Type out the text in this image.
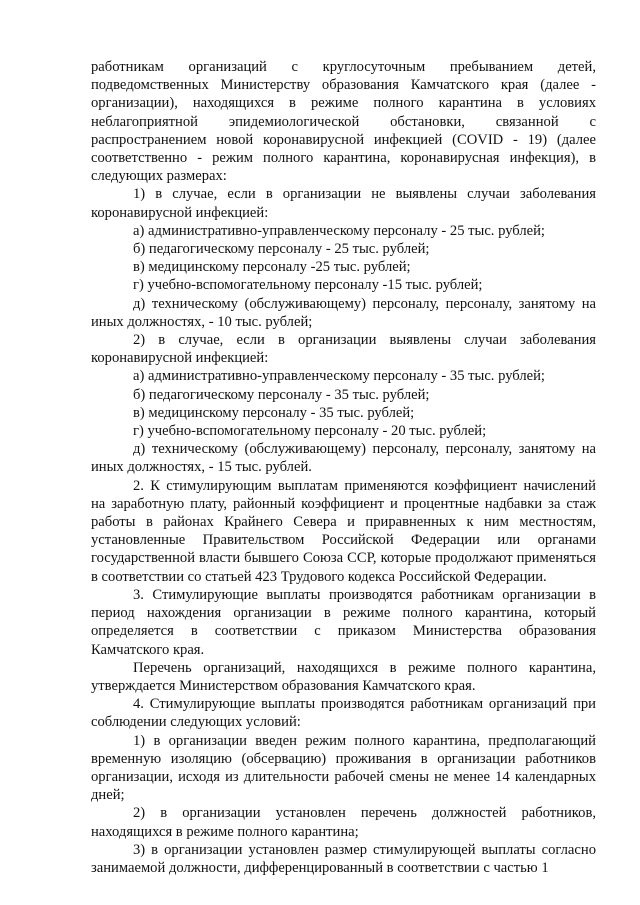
работникам организаций с круглосуточным пребыванием детей, подведомственных Министерству образования Камчатского края (далее - организации), находящихся в режиме полного карантина в условиях неблагоприятной эпидемиологической обстановки, связанной с распространением новой коронавирусной инфекцией (COVID - 19) (далее соответственно - режим полного карантина, коронавирусная инфекция), в следующих размерах:

1) в случае, если в организации не выявлены случаи заболевания коронавирусной инфекцией:

а) административно-управленческому персоналу - 25 тыс. рублей;

б) педагогическому персоналу - 25 тыс. рублей;

в) медицинскому персоналу -25 тыс. рублей;

г) учебно-вспомогательному персоналу -15 тыс. рублей;

д) техническому (обслуживающему) персоналу, персоналу, занятому на иных должностях, - 10 тыс. рублей;

2) в случае, если в организации выявлены случаи заболевания коронавирусной инфекцией:

а) административно-управленческому персоналу - 35 тыс. рублей;

б) педагогическому персоналу - 35 тыс. рублей;

в) медицинскому персоналу - 35 тыс. рублей;

г) учебно-вспомогательному персоналу - 20 тыс. рублей;

д) техническому (обслуживающему) персоналу, персоналу, занятому на иных должностях, - 15 тыс. рублей.

2. К стимулирующим выплатам применяются коэффициент начислений на заработную плату, районный коэффициент и процентные надбавки за стаж работы в районах Крайнего Севера и приравненных к ним местностям, установленные Правительством Российской Федерации или органами государственной власти бывшего Союза ССР, которые продолжают применяться в соответствии со статьей 423 Трудового кодекса Российской Федерации.

3. Стимулирующие выплаты производятся работникам организации в период нахождения организации в режиме полного карантина, который определяется в соответствии с приказом Министерства образования Камчатского края.

Перечень организаций, находящихся в режиме полного карантина, утверждается Министерством образования Камчатского края.

4. Стимулирующие выплаты производятся работникам организаций при соблюдении следующих условий:

1) в организации введен режим полного карантина, предполагающий временную изоляцию (обсервацию) проживания в организации работников организации, исходя из длительности рабочей смены не менее 14 календарных дней;

2) в организации установлен перечень должностей работников, находящихся в режиме полного карантина;

3) в организации установлен размер стимулирующей выплаты согласно занимаемой должности, дифференцированный в соответствии с частью 1
